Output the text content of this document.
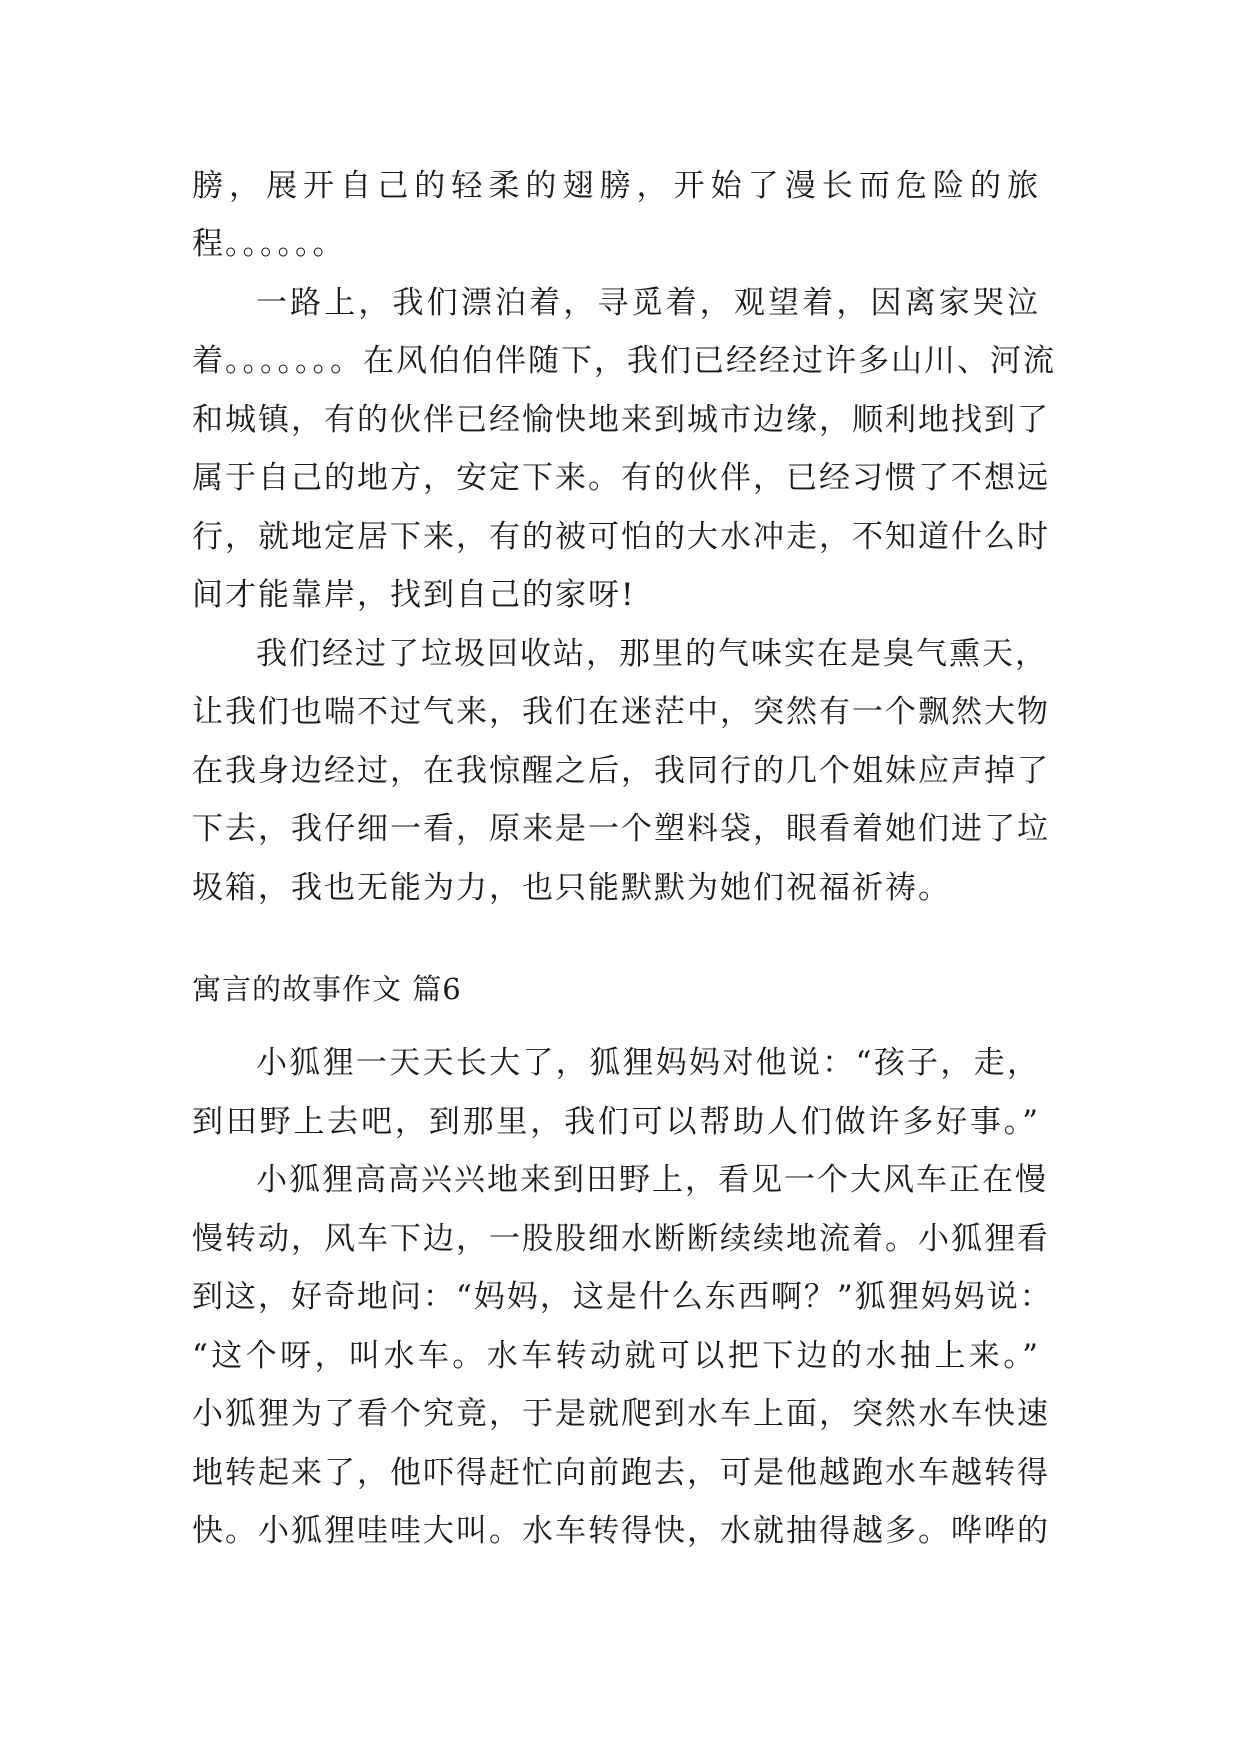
膀，展开自己的轻柔的翅膀，开始了漫长而危险的旅
程。。。。。。
一路上，我们漂泊着，寻觅着，观望着，因离家哭泣
着。。。。。。。在风伯伯伴随下，我们已经经过许多山川、河流
和城镇，有的伙伴已经愉快地来到城市边缘，顺利地找到了
属于自己的地方，安定下来。有的伙伴，已经习惯了不想远
行，就地定居下来，有的被可怕的大水冲走，不知道什么时
间才能靠岸，找到自己的家呀!
我们经过了垃圾回收站，那里的气味实在是臭气熏天，
让我们也喘不过气来，我们在迷茫中，突然有一个飘然大物
在我身边经过，在我惊醒之后，我同行的几个姐妹应声掉了
下去，我仔细一看，原来是一个塑料袋，眼看着她们进了垃
圾箱，我也无能为力，也只能默默为她们祝福祈祷。
寓言的故事作文 篇6
小狐狸一天天长大了，狐狸妈妈对他说：“孩子，走，
到田野上去吧，到那里，我们可以帮助人们做许多好事。”
小狐狸高高兴兴地来到田野上，看见一个大风车正在慢
慢转动，风车下边，一股股细水断断续续地流着。小狐狸看
到这，好奇地问：“妈妈，这是什么东西啊？”狐狸妈妈说：
“这个呀，叫水车。水车转动就可以把下边的水抽上来。”
小狐狸为了看个究竟，于是就爬到水车上面，突然水车快速
地转起来了，他吓得赶忙向前跑去，可是他越跑水车越转得
快。小狐狸哇哇大叫。水车转得快，水就抽得越多。哗哗的
